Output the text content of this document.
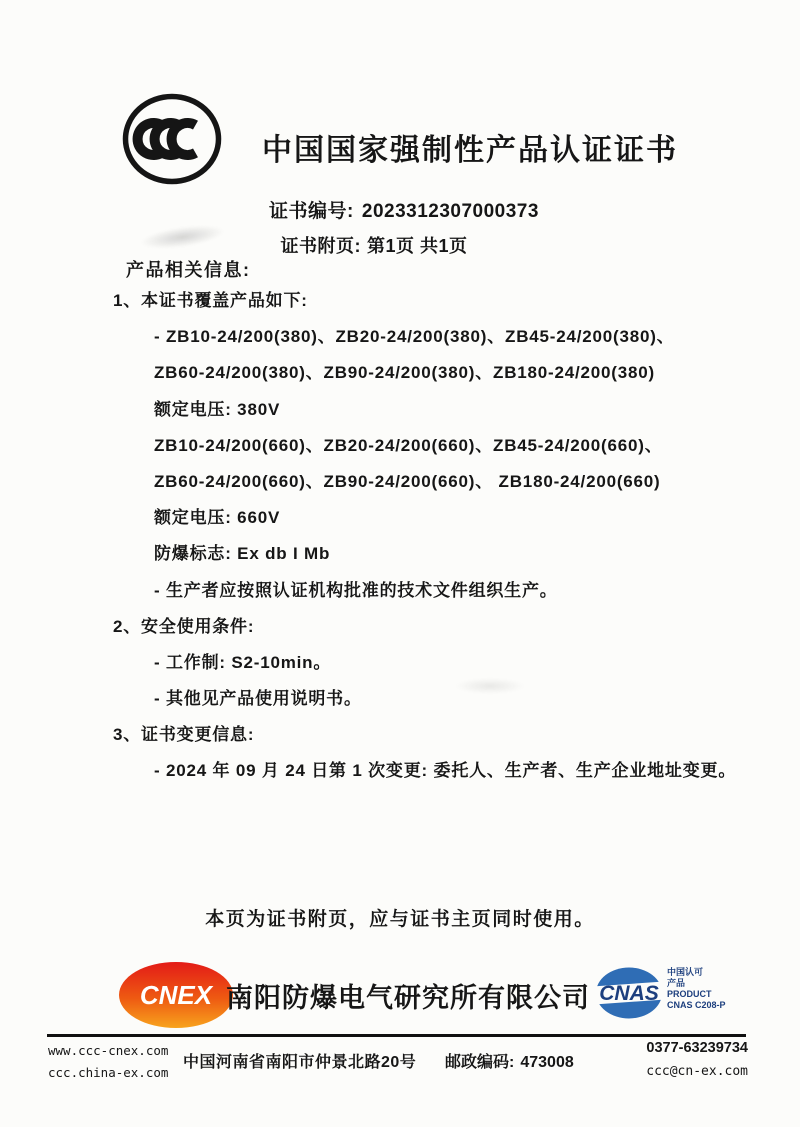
中国国家强制性产品认证证书
证书编号: 2023312307000373
证书附页: 第1页 共1页
产品相关信息:
1、本证书覆盖产品如下:
- ZB10-24/200(380)、ZB20-24/200(380)、ZB45-24/200(380)、
ZB60-24/200(380)、ZB90-24/200(380)、ZB180-24/200(380)
额定电压: 380V
ZB10-24/200(660)、ZB20-24/200(660)、ZB45-24/200(660)、
ZB60-24/200(660)、ZB90-24/200(660)、 ZB180-24/200(660)
额定电压: 660V
防爆标志: Ex db I Mb
- 生产者应按照认证机构批准的技术文件组织生产。
2、安全使用条件:
- 工作制: S2-10min。
- 其他见产品使用说明书。
3、证书变更信息:
- 2024 年 09 月 24 日第 1 次变更: 委托人、生产者、生产企业地址变更。
本页为证书附页，应与证书主页同时使用。
CNEX 南阳防爆电气研究所有限公司 CNAS
中国认可
产品
PRODUCT
CNAS C208-P
www.ccc-cnex.com
ccc.china-ex.com
中国河南省南阳市仲景北路20号 邮政编码: 473008
0377-63239734
ccc@cn-ex.com
